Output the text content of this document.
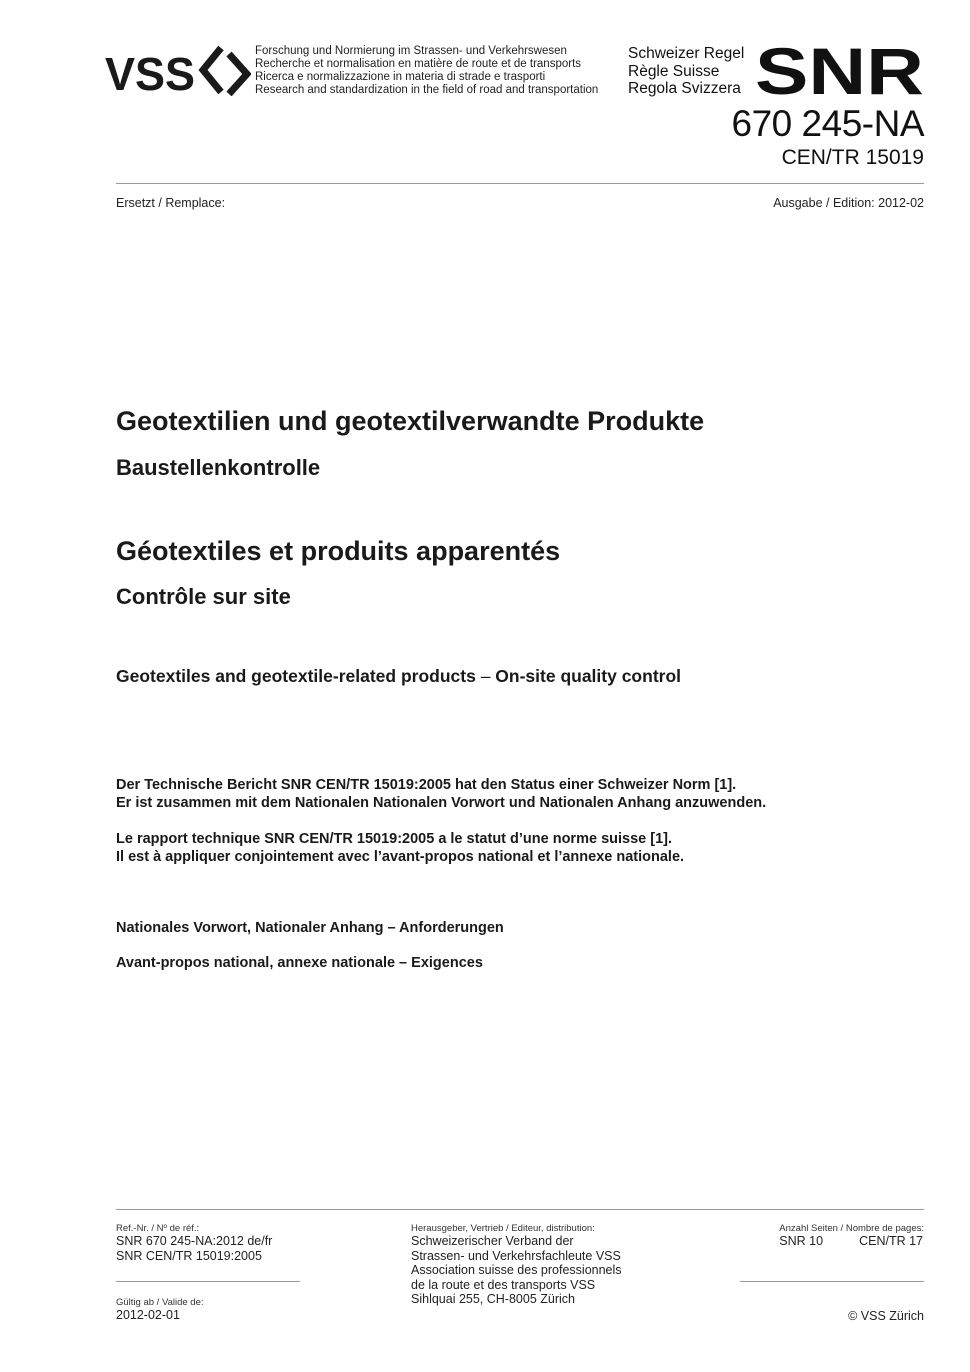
VSS	Forschung und Normierung im Strassen- und Verkehrswesen
Recherche et normalisation en matière de route et de transports
Ricerca e normalizzazione in materia di strade e trasporti
Research and standardization in the field of road and transportation
Schweizer Regel
Règle Suisse
Regola Svizzera SNR
670 245-NA
CEN/TR 15019
Ersetzt / Remplace:	Ausgabe / Edition: 2012-02
Geotextilien und geotextilverwandte Produkte
Baustellenkontrolle
Géotextiles et produits apparentés
Contrôle sur site
Geotextiles and geotextile-related products – On-site quality control
Der Technische Bericht SNR CEN/TR 15019:2005 hat den Status einer Schweizer Norm [1].
Er ist zusammen mit dem Nationalen Nationalen Vorwort und Nationalen Anhang anzuwenden.
Le rapport technique SNR CEN/TR 15019:2005 a le statut d’une norme suisse [1].
Il est à appliquer conjointement avec l’avant-propos national et l’annexe nationale.
Nationales Vorwort, Nationaler Anhang – Anforderungen
Avant-propos national, annexe nationale – Exigences
Ref.-Nr. / Nº de réf.:
SNR 670 245-NA:2012 de/fr
SNR CEN/TR 15019:2005
Gültig ab / Valide de:
2012-02-01
Herausgeber, Vertrieb / Editeur, distribution:
Schweizerischer Verband der
Strassen- und Verkehrsfachleute VSS
Association suisse des professionnels
de la route et des transports VSS
Sihlquai 255, CH-8005 Zürich
Anzahl Seiten / Nombre de pages:
SNR 10	CEN/TR 17
© VSS Zürich
